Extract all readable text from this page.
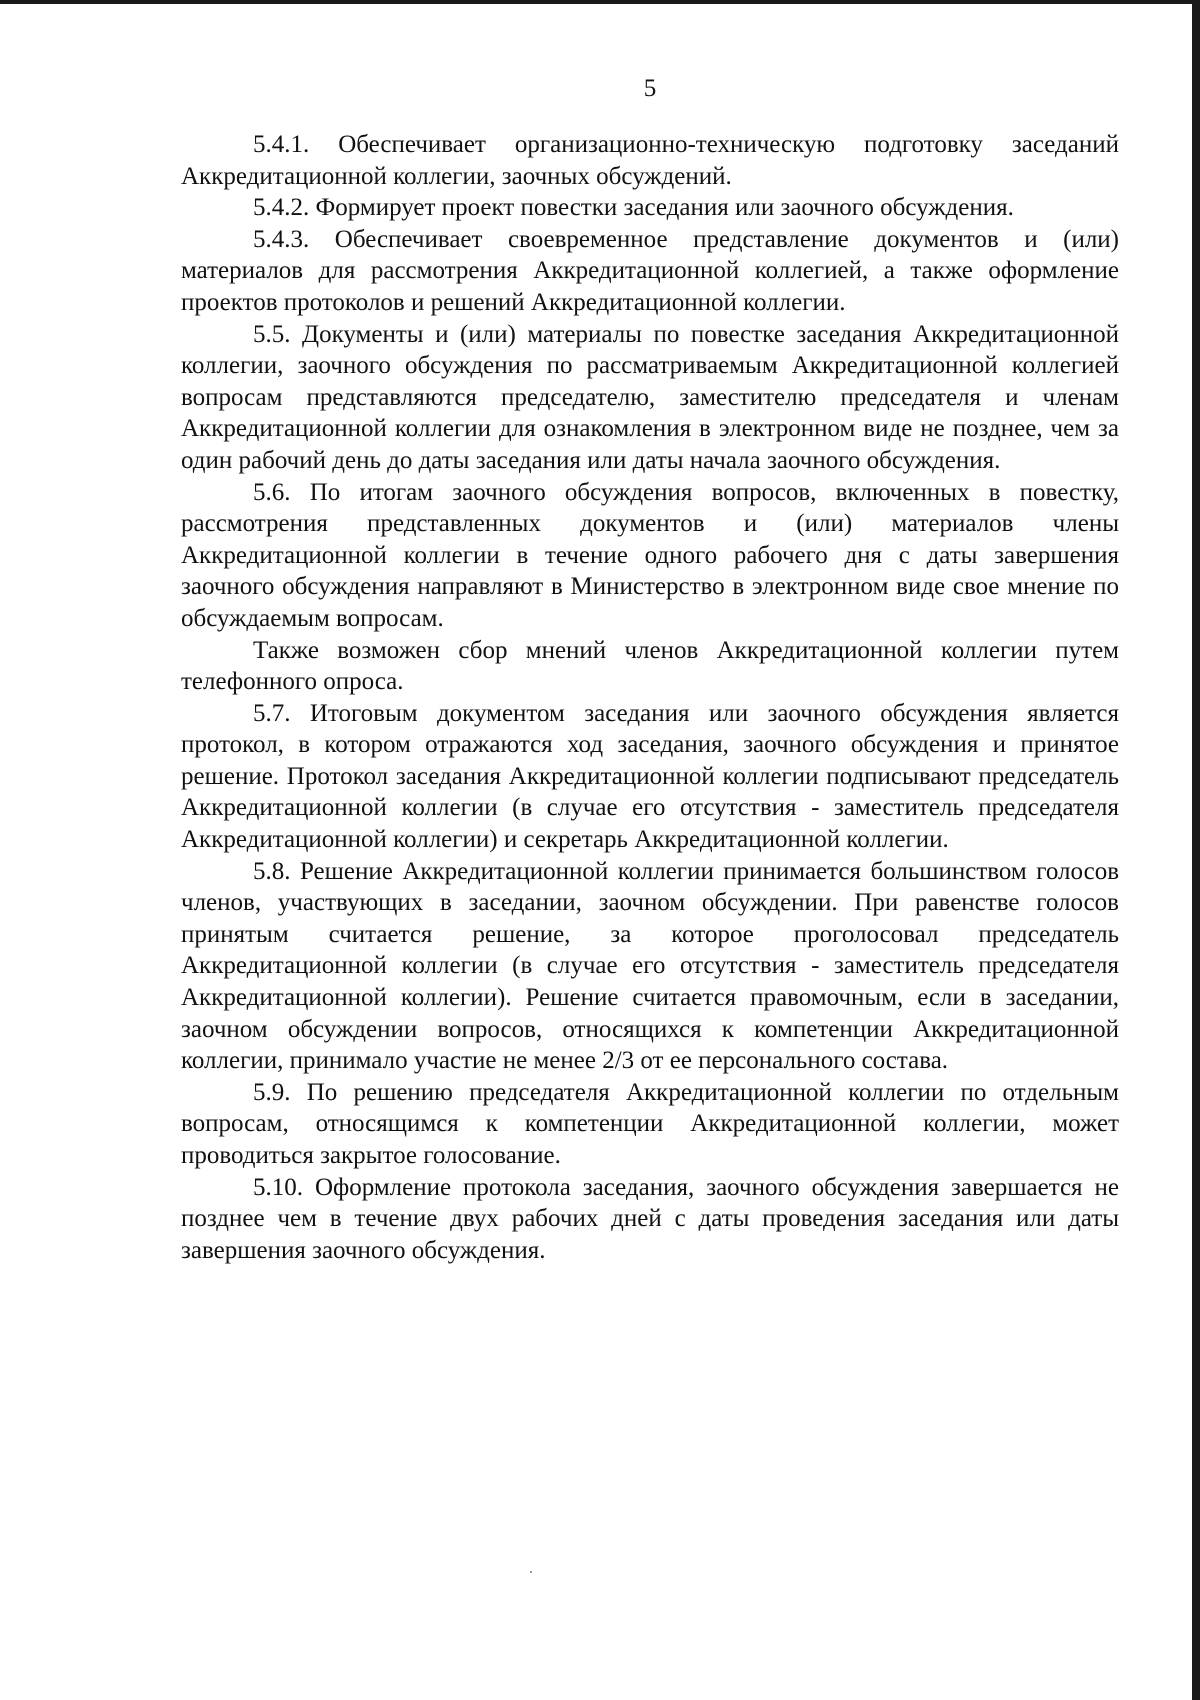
5

5.4.1. Обеспечивает организационно-техническую подготовку заседаний Аккредитационной коллегии, заочных обсуждений.

5.4.2. Формирует проект повестки заседания или заочного обсуждения.

5.4.3. Обеспечивает своевременное представление документов и (или) материалов для рассмотрения Аккредитационной коллегией, а также оформление проектов протоколов и решений Аккредитационной коллегии.

5.5. Документы и (или) материалы по повестке заседания Аккредитационной коллегии, заочного обсуждения по рассматриваемым Аккредитационной коллегией вопросам представляются председателю, заместителю председателя и членам Аккредитационной коллегии для ознакомления в электронном виде не позднее, чем за один рабочий день до даты заседания или даты начала заочного обсуждения.

5.6. По итогам заочного обсуждения вопросов, включенных в повестку, рассмотрения представленных документов и (или) материалов члены Аккредитационной коллегии в течение одного рабочего дня с даты завершения заочного обсуждения направляют в Министерство в электронном виде свое мнение по обсуждаемым вопросам.

Также возможен сбор мнений членов Аккредитационной коллегии путем телефонного опроса.

5.7. Итоговым документом заседания или заочного обсуждения является протокол, в котором отражаются ход заседания, заочного обсуждения и принятое решение. Протокол заседания Аккредитационной коллегии подписывают председатель Аккредитационной коллегии (в случае его отсутствия - заместитель председателя Аккредитационной коллегии) и секретарь Аккредитационной коллегии.

5.8. Решение Аккредитационной коллегии принимается большинством голосов членов, участвующих в заседании, заочном обсуждении. При равенстве голосов принятым считается решение, за которое проголосовал председатель Аккредитационной коллегии (в случае его отсутствия - заместитель председателя Аккредитационной коллегии). Решение считается правомочным, если в заседании, заочном обсуждении вопросов, относящихся к компетенции Аккредитационной коллегии, принимало участие не менее 2/3 от ее персонального состава.

5.9. По решению председателя Аккредитационной коллегии по отдельным вопросам, относящимся к компетенции Аккредитационной коллегии, может проводиться закрытое голосование.

5.10. Оформление протокола заседания, заочного обсуждения завершается не позднее чем в течение двух рабочих дней с даты проведения заседания или даты завершения заочного обсуждения.
